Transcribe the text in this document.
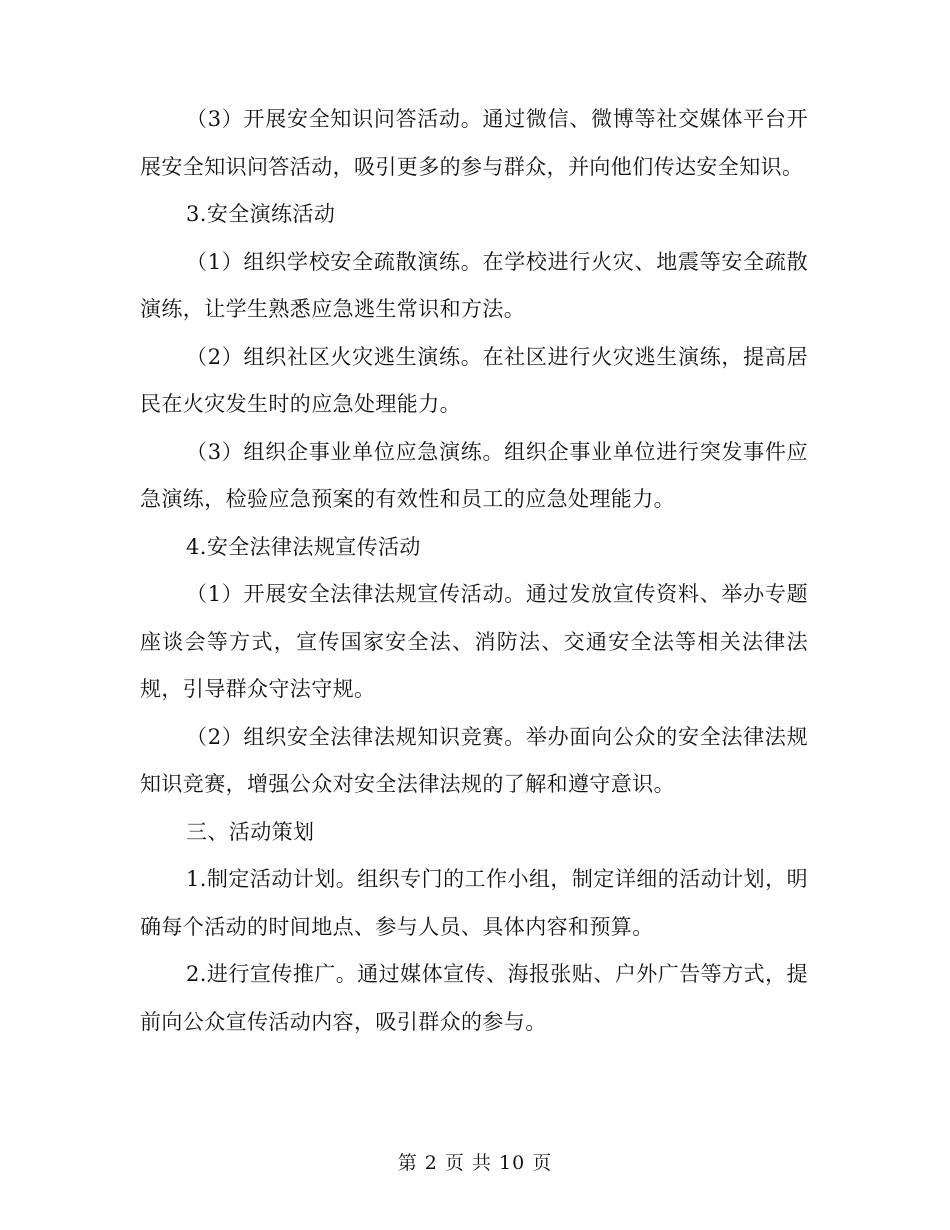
（3）开展安全知识问答活动。通过微信、微博等社交媒体平台开展安全知识问答活动，吸引更多的参与群众，并向他们传达安全知识。

3.安全演练活动

（1）组织学校安全疏散演练。在学校进行火灾、地震等安全疏散演练，让学生熟悉应急逃生常识和方法。

（2）组织社区火灾逃生演练。在社区进行火灾逃生演练，提高居民在火灾发生时的应急处理能力。

（3）组织企事业单位应急演练。组织企事业单位进行突发事件应急演练，检验应急预案的有效性和员工的应急处理能力。

4.安全法律法规宣传活动

（1）开展安全法律法规宣传活动。通过发放宣传资料、举办专题座谈会等方式，宣传国家安全法、消防法、交通安全法等相关法律法规，引导群众守法守规。

（2）组织安全法律法规知识竞赛。举办面向公众的安全法律法规知识竞赛，增强公众对安全法律法规的了解和遵守意识。

三、活动策划

1.制定活动计划。组织专门的工作小组，制定详细的活动计划，明确每个活动的时间地点、参与人员、具体内容和预算。

2.进行宣传推广。通过媒体宣传、海报张贴、户外广告等方式，提前向公众宣传活动内容，吸引群众的参与。

第 2 页 共 10 页
